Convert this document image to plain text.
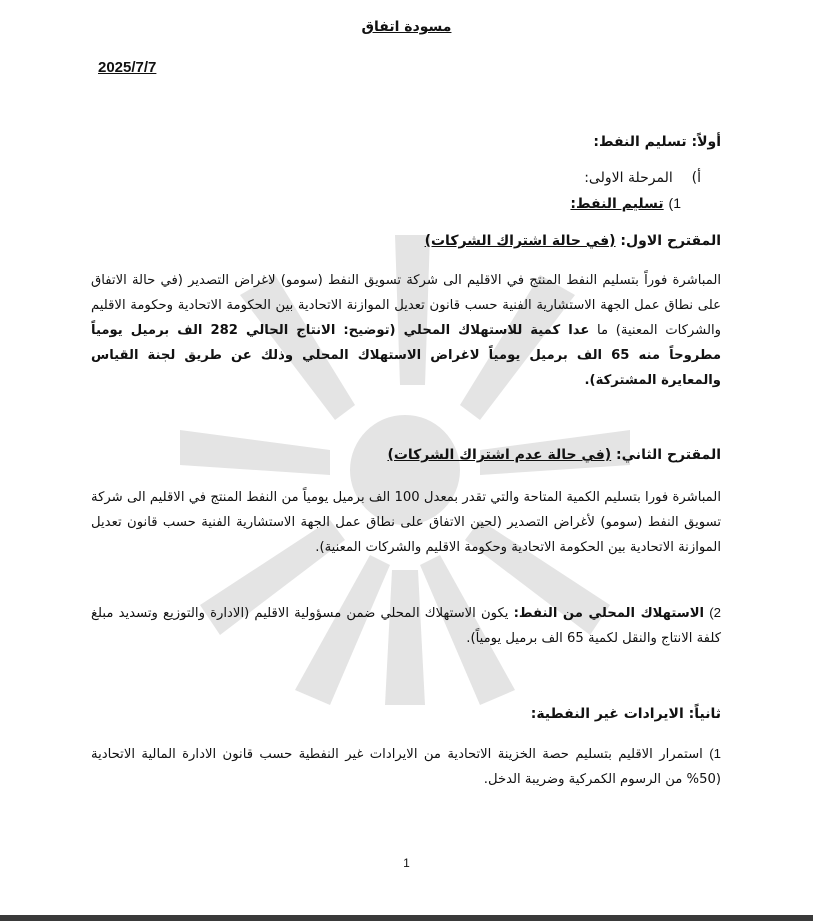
مسودة اتفاق
2025/7/7
أولاً: تسليم النفط:
أ)  المرحلة الاولى:
1) تسليم النفط:
المقترح الاول: (في حالة اشتراك الشركات)
المباشرة فوراً بتسليم النفط المنتج في الاقليم الى شركة تسويق النفط (سومو) لاغراض التصدير (في حالة الاتفاق على نطاق عمل الجهة الاستشارية الفنية حسب قانون تعديل الموازنة الاتحادية بين الحكومة الاتحادية وحكومة الاقليم والشركات المعنية) ما عدا كمية للاستهلاك المحلي (توضيح: الانتاج الحالي 282 الف برميل يومياً مطروحاً منه 65 الف برميل يومياً لاغراض الاستهلاك المحلي وذلك عن طريق لجنة القياس والمعايرة المشتركة).
المقترح الثاني: (في حالة عدم اشتراك الشركات)
المباشرة فورا بتسليم الكمية المتاحة والتي تقدر بمعدل 100 الف برميل يومياً من النفط المنتج في الاقليم الى شركة تسويق النفط (سومو) لأغراض التصدير (لحين الاتفاق على نطاق عمل الجهة الاستشارية الفنية حسب قانون تعديل الموازنة الاتحادية بين الحكومة الاتحادية وحكومة الاقليم والشركات المعنية).
2) الاستهلاك المحلي من النفط: يكون الاستهلاك المحلي ضمن مسؤولية الاقليم (الادارة والتوزيع وتسديد مبلغ كلفة الانتاج والنقل لكمية 65 الف برميل يومياً).
ثانياً: الايرادات غير النفطية:
1) استمرار الاقليم بتسليم حصة الخزينة الاتحادية من الايرادات غير النفطية حسب قانون الادارة المالية الاتحادية (50% من الرسوم الكمركية وضريبة الدخل.
1
